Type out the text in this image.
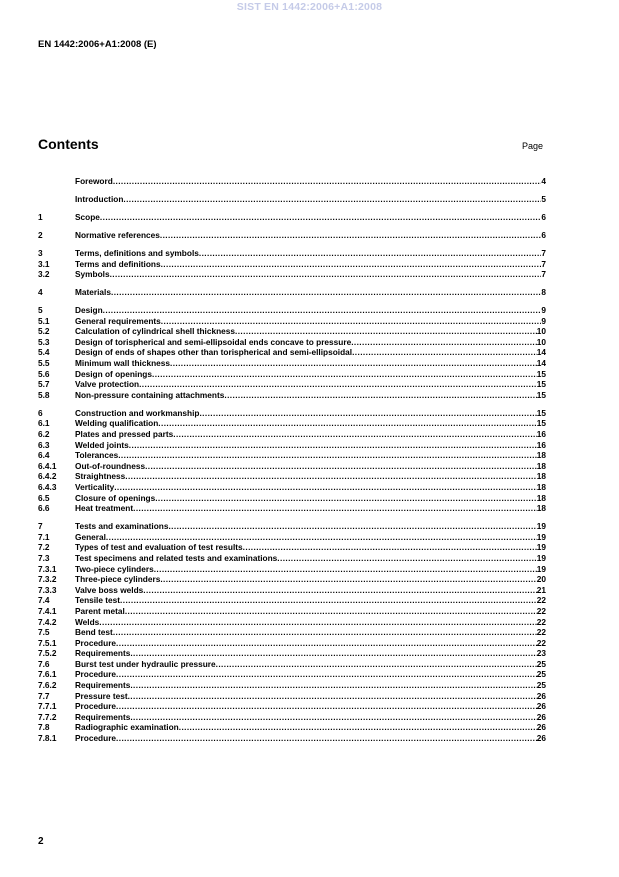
SIST EN 1442:2006+A1:2008
EN 1442:2006+A1:2008 (E)
Contents	Page
Foreword .....	4
Introduction .....	5
1	Scope .....	6
2	Normative references .....	6
3	Terms, definitions and symbols .....	7
3.1	Terms and definitions .....	7
3.2	Symbols .....	7
4	Materials .....	8
5	Design .....	9
5.1	General requirements .....	9
5.2	Calculation of cylindrical shell thickness .....	10
5.3	Design of torispherical and semi-ellipsoidal ends concave to pressure .....	10
5.4	Design of ends of shapes other than torispherical and semi-ellipsoidal .....	14
5.5	Minimum wall thickness .....	14
5.6	Design of openings .....	15
5.7	Valve protection .....	15
5.8	Non-pressure containing attachments .....	15
6	Construction and workmanship .....	15
6.1	Welding qualification .....	15
6.2	Plates and pressed parts .....	16
6.3	Welded joints .....	16
6.4	Tolerances .....	18
6.4.1	Out-of-roundness .....	18
6.4.2	Straightness .....	18
6.4.3	Verticality .....	18
6.5	Closure of openings .....	18
6.6	Heat treatment .....	18
7	Tests and examinations .....	19
7.1	General .....	19
7.2	Types of test and evaluation of test results .....	19
7.3	Test specimens and related tests and examinations .....	19
7.3.1	Two-piece cylinders .....	19
7.3.2	Three-piece cylinders .....	20
7.3.3	Valve boss welds .....	21
7.4	Tensile test .....	22
7.4.1	Parent metal .....	22
7.4.2	Welds .....	22
7.5	Bend test .....	22
7.5.1	Procedure .....	22
7.5.2	Requirements .....	23
7.6	Burst test under hydraulic pressure .....	25
7.6.1	Procedure .....	25
7.6.2	Requirements .....	25
7.7	Pressure test .....	26
7.7.1	Procedure .....	26
7.7.2	Requirements .....	26
7.8	Radiographic examination .....	26
7.8.1	Procedure .....	26
2
